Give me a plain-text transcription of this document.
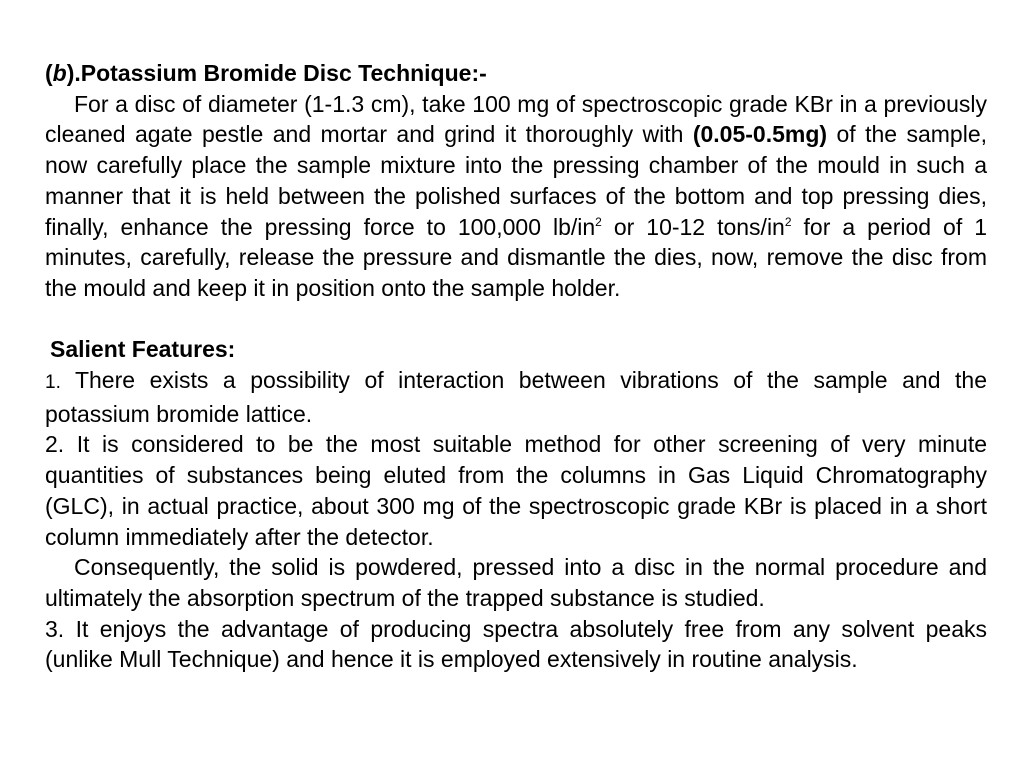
(b).Potassium Bromide Disc Technique:-

For a disc of diameter (1-1.3 cm), take 100 mg of spectroscopic grade KBr in a previously cleaned agate pestle and mortar and grind it thoroughly with (0.05-0.5mg) of the sample, now carefully place the sample mixture into the pressing chamber of the mould in such a manner that it is held between the polished surfaces of the bottom and top pressing dies, finally, enhance the pressing force to 100,000 $lb/in^2$ or 10-12 tons/$in^2$ for a period of 1 minutes, carefully, release the pressure and dismantle the dies, now, remove the disc from the mould and keep it in position onto the sample holder.

Salient Features:

1. There exists a possibility of interaction between vibrations of the sample and the potassium bromide lattice.

2. It is considered to be the most suitable method for other screening of very minute quantities of substances being eluted from the columns in Gas Liquid Chromatography (GLC), in actual practice, about 300 mg of the spectroscopic grade KBr is placed in a short column immediately after the detector.

Consequently, the solid is powdered, pressed into a disc in the normal procedure and ultimately the absorption spectrum of the trapped substance is studied.

3. It enjoys the advantage of producing spectra absolutely free from any solvent peaks (unlike Mull Technique) and hence it is employed extensively in routine analysis.
